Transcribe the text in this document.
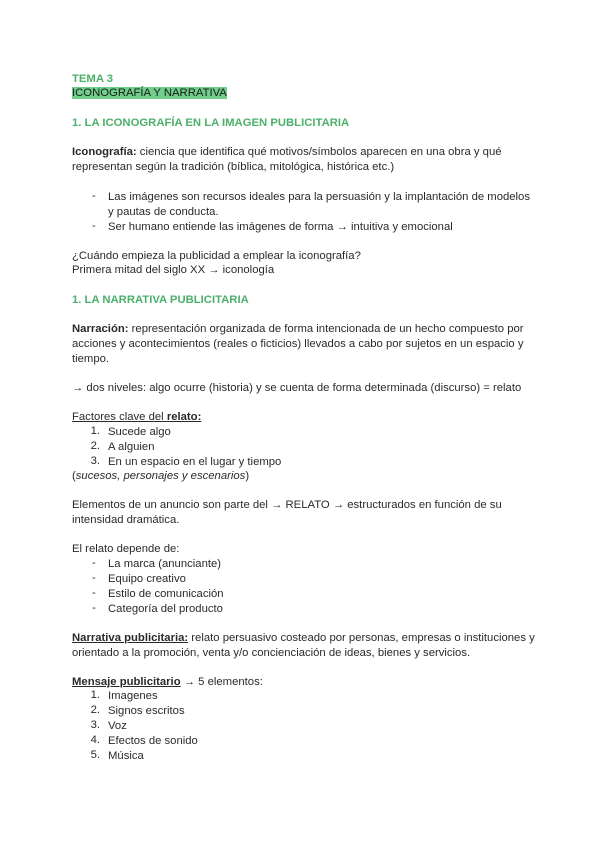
TEMA 3
ICONOGRAFÍA Y NARRATIVA
1. LA ICONOGRAFÍA EN LA IMAGEN PUBLICITARIA
Iconografía: ciencia que identifica qué motivos/símbolos aparecen en una obra y qué
representan según la tradición (bíblica, mitológica, histórica etc.)
- Las imágenes son recursos ideales para la persuasión y la implantación de modelos
y pautas de conducta.
- Ser humano entiende las imágenes de forma → intuitiva y emocional
¿Cuándo empieza la publicidad a emplear la iconografía?
Primera mitad del siglo XX → iconología
1. LA NARRATIVA PUBLICITARIA
Narración: representación organizada de forma intencionada de un hecho compuesto por
acciones y acontecimientos (reales o ficticios) llevados a cabo por sujetos en un espacio y
tiempo.
→ dos niveles: algo ocurre (historia) y se cuenta de forma determinada (discurso) = relato
Factores clave del relato:
1. Sucede algo
2. A alguien
3. En un espacio en el lugar y tiempo
(sucesos, personajes y escenarios)
Elementos de un anuncio son parte del → RELATO → estructurados en función de su
intensidad dramática.
El relato depende de:
- La marca (anunciante)
- Equipo creativo
- Estilo de comunicación
- Categoría del producto
Narrativa publicitaria: relato persuasivo costeado por personas, empresas o instituciones y
orientado a la promoción, venta y/o concienciación de ideas, bienes y servicios.
Mensaje publicitario → 5 elementos:
1. Imagenes
2. Signos escritos
3. Voz
4. Efectos de sonido
5. Música
